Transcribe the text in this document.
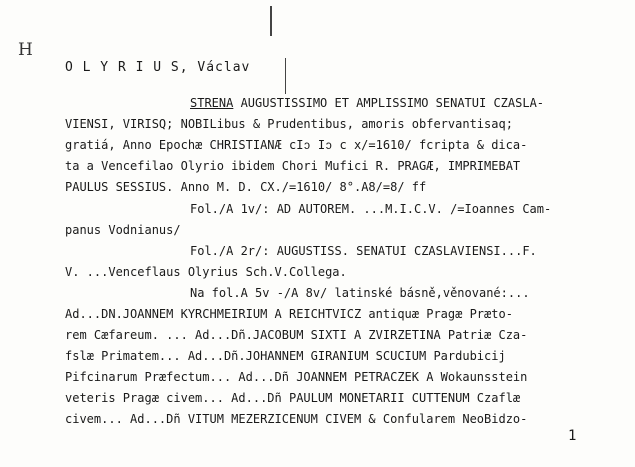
H
O L Y R I U S, Václav
STRENA AUGUSTISSIMO ET AMPLISSIMO SENATUI CZASLA-
VIENSI, VIRISQ; NOBILibus & Prudentibus, amoris obfervantisaq;
gratiá, Anno Epochæ CHRISTIANÆ cIↄ Iↄ c x/=1610/ fcripta & dica-
ta a Vencefilao Olyrio ibidem Chori Mufici R. PRAGÆ, IMPRIMEBAT
PAULUS SESSIUS. Anno M. D. CX./=1610/ 8°.A8/=8/ ff
Fol./A 1v/: AD AUTOREM. ...M.I.C.V. /=Ioannes Cam-
panus Vodnianus/
Fol./A 2r/: AUGUSTISS. SENATUI CZASLAVIENSI...F.
V. ...Venceflaus Olyrius Sch.V.Collega.
Na fol.A 5v -/A 8v/ latinské básně,věnované:...
Ad...DN.JOANNEM KYRCHMEIRIUM A REICHTVICZ antiquæ Pragæ Præto-
rem Cæfareum. ... Ad...Dñ.JACOBUM SIXTI A ZVIRZETINA Patriæ Cza-
fslæ Primatem... Ad...Dñ.JOHANNEM GIRANIUM SCUCIUM Pardubicij
Pifcinarum Præfectum... Ad...Dñ JOANNEM PETRACZEK A Wokaunsstein
veteris Pragæ civem... Ad...Dñ PAULUM MONETARII CUTTENUM Czaflæ
civem... Ad...Dñ VITUM MEZERZICENUM CIVEM & Confularem NeoBidzo-
1
